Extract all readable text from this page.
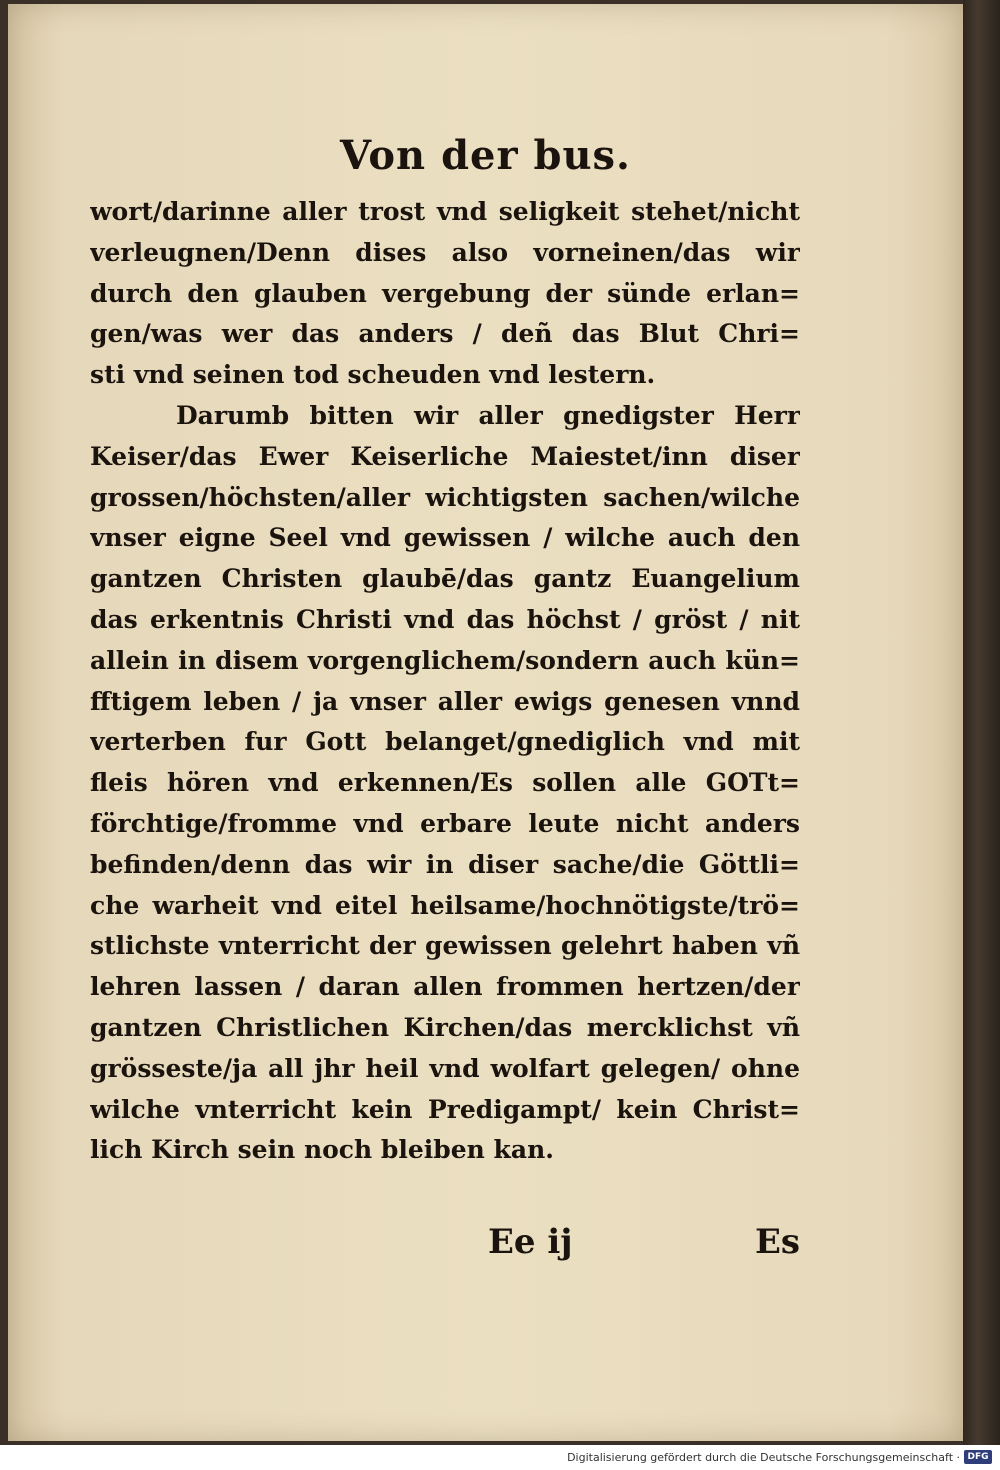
Von der bus.
wort/darinne aller trost vnd seligkeit stehet/nicht
verleugnen/Denn dises also vorneinen/das wir
durch den glauben vergebung der sünde erlan=
gen/was wer das anders / deñ das Blut Chri=
sti vnd seinen tod scheuden vnd lestern.
Darumb bitten wir aller gnedigster Herr
Keiser/das Ewer Keiserliche Maiestet/inn diser
grossen/höchsten/aller wichtigsten sachen/wilche
vnser eigne Seel vnd gewissen / wilche auch den
gantzen Christen glaubē/das gantz Euangelium
das erkentnis Christi vnd das höchst / gröst / nit
allein in disem vorgenglichem/sondern auch kün=
fftigem leben / ja vnser aller ewigs genesen vnnd
verterben fur Gott belanget/gnediglich vnd mit
fleis hören vnd erkennen/Es sollen alle GOTt=
förchtige/fromme vnd erbare leute nicht anders
befinden/denn das wir in diser sache/die Göttli=
che warheit vnd eitel heilsame/hochnötigste/trö=
stlichste vnterricht der gewissen gelehrt haben vñ
lehren lassen / daran allen frommen hertzen/der
gantzen Christlichen Kirchen/das mercklichst vñ
grösseste/ja all jhr heil vnd wolfart gelegen/ ohne
wilche vnterricht kein Predigampt/ kein Christ=
lich Kirch sein noch bleiben kan.
Ee ij	Es
Digitalisierung gefördert durch die Deutsche Forschungsgemeinschaft · DFG
